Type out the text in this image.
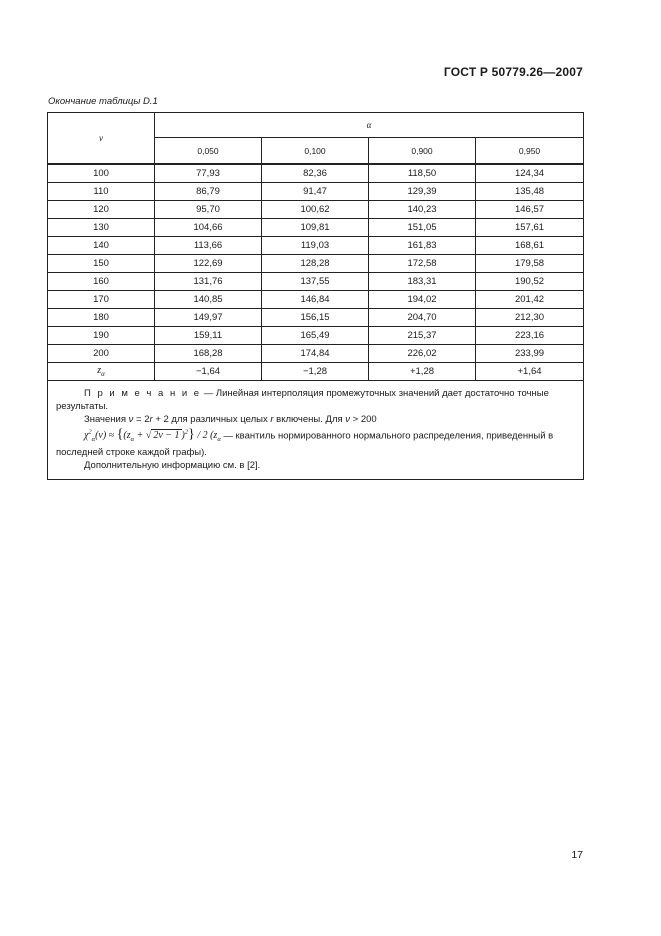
ГОСТ Р 50779.26—2007
Окончание таблицы D.1
ν	α			
	0,050	0,100	0,900	0,950
100	77,93	82,36	118,50	124,34
110	86,79	91,47	129,39	135,48
120	95,70	100,62	140,23	146,57
130	104,66	109,81	151,05	157,61
140	113,66	119,03	161,83	168,61
150	122,69	128,28	172,58	179,58
160	131,76	137,55	183,31	190,52
170	140,85	146,84	194,02	201,42
180	149,97	156,15	204,70	212,30
190	159,11	165,49	215,37	223,16
200	168,28	174,84	226,02	233,99
$z_\alpha$	−1,64	−1,28	+1,28	+1,64

П р и м е ч а н и е — Линейная интерполяция промежуточных значений дает достаточно точные результаты.

Значения ν = 2r + 2 для различных целых r включены. Для ν > 200

$\chi^2_\alpha(\nu) \approx \{(z_\alpha$ + √ 2ν − 1 )$^2$} / 2 ($z_\alpha$ — квантиль нормированного нормального распределения, приведенный в последней строке каждой графы).

Дополнительную информацию см. в [2].				

17
